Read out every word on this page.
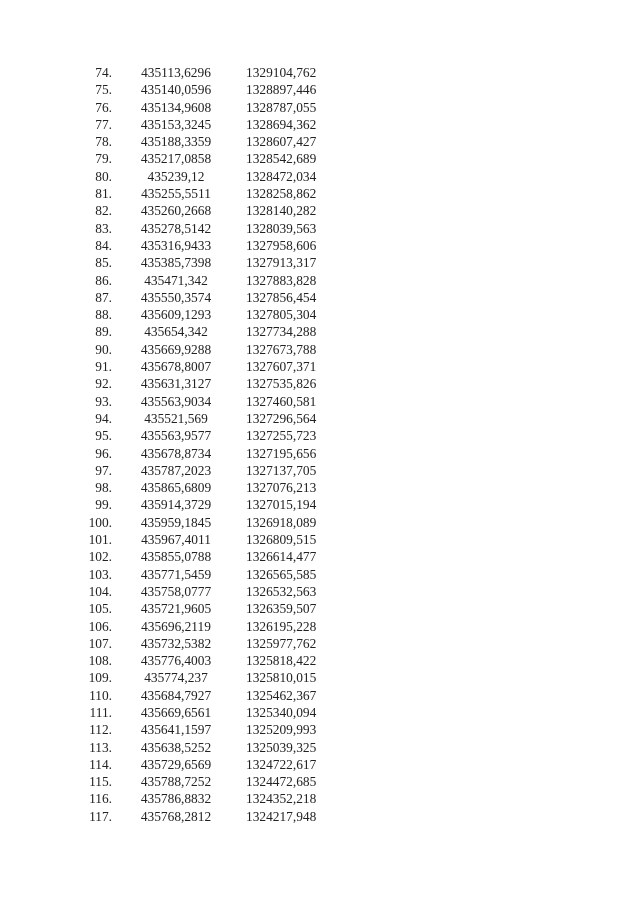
74.	435113,6296	1329104,762
75.	435140,0596	1328897,446
76.	435134,9608	1328787,055
77.	435153,3245	1328694,362
78.	435188,3359	1328607,427
79.	435217,0858	1328542,689
80.	435239,12	1328472,034
81.	435255,5511	1328258,862
82.	435260,2668	1328140,282
83.	435278,5142	1328039,563
84.	435316,9433	1327958,606
85.	435385,7398	1327913,317
86.	435471,342	1327883,828
87.	435550,3574	1327856,454
88.	435609,1293	1327805,304
89.	435654,342	1327734,288
90.	435669,9288	1327673,788
91.	435678,8007	1327607,371
92.	435631,3127	1327535,826
93.	435563,9034	1327460,581
94.	435521,569	1327296,564
95.	435563,9577	1327255,723
96.	435678,8734	1327195,656
97.	435787,2023	1327137,705
98.	435865,6809	1327076,213
99.	435914,3729	1327015,194
100.	435959,1845	1326918,089
101.	435967,4011	1326809,515
102.	435855,0788	1326614,477
103.	435771,5459	1326565,585
104.	435758,0777	1326532,563
105.	435721,9605	1326359,507
106.	435696,2119	1326195,228
107.	435732,5382	1325977,762
108.	435776,4003	1325818,422
109.	435774,237	1325810,015
110.	435684,7927	1325462,367
111.	435669,6561	1325340,094
112.	435641,1597	1325209,993
113.	435638,5252	1325039,325
114.	435729,6569	1324722,617
115.	435788,7252	1324472,685
116.	435786,8832	1324352,218
117.	435768,2812	1324217,948
